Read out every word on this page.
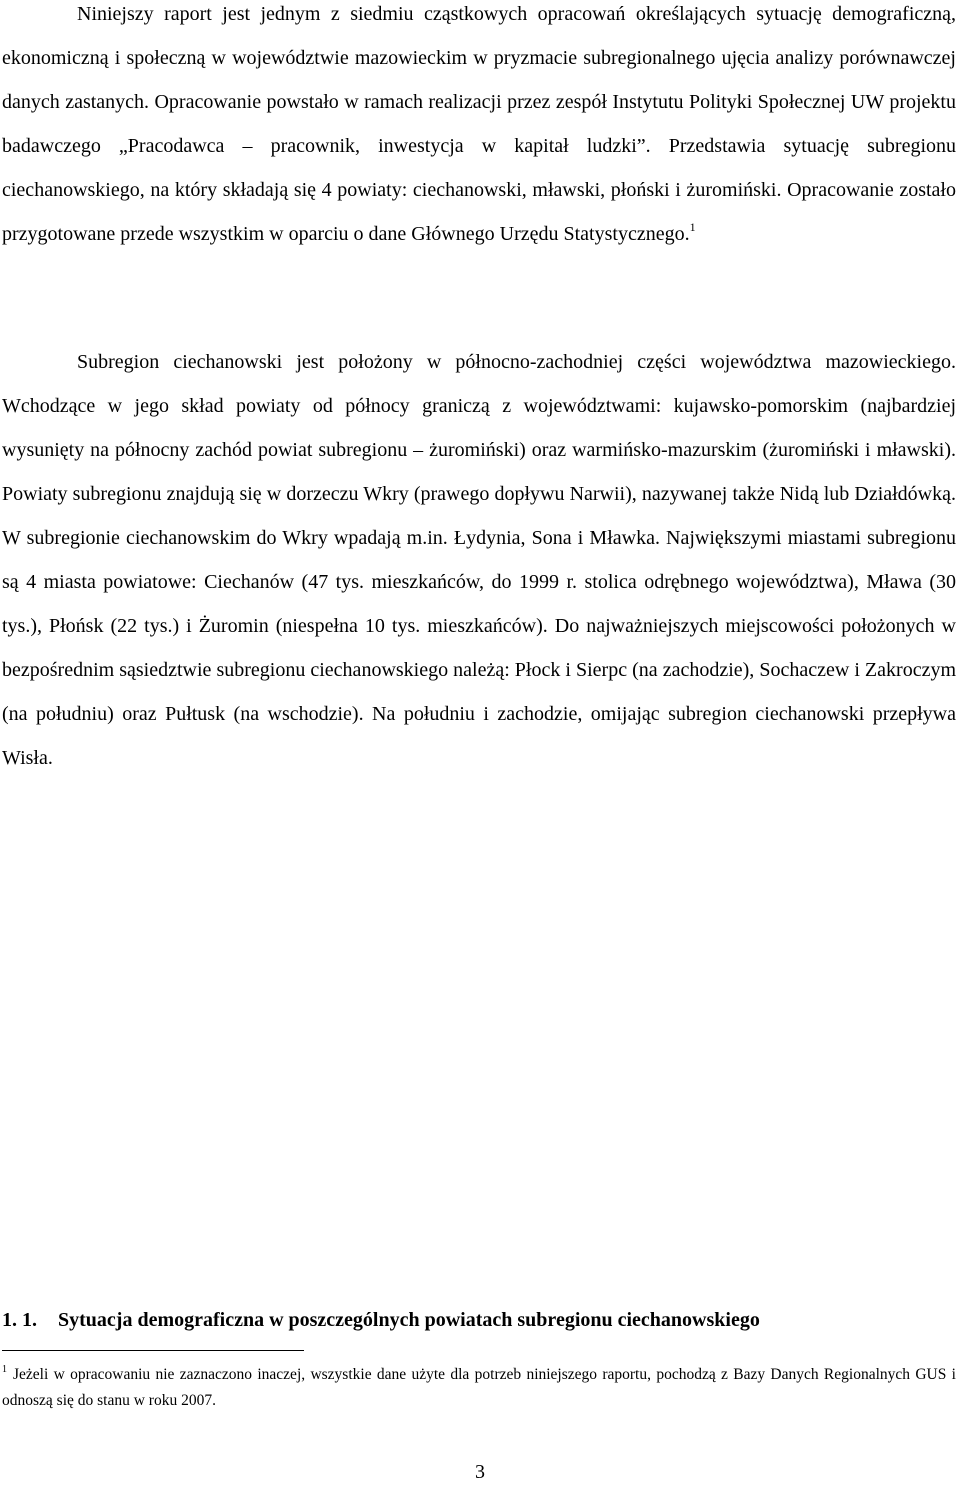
Niniejszy raport jest jednym z siedmiu cząstkowych opracowań określających sytuację demograficzną, ekonomiczną i społeczną w województwie mazowieckim w pryzmacie subregionalnego ujęcia analizy porównawczej danych zastanych. Opracowanie powstało w ramach realizacji przez zespół Instytutu Polityki Społecznej UW projektu badawczego „Pracodawca – pracownik, inwestycja w kapitał ludzki”. Przedstawia sytuację subregionu ciechanowskiego, na który składają się 4 powiaty: ciechanowski, mławski, płoński i żuromiński. Opracowanie zostało przygotowane przede wszystkim w oparciu o dane Głównego Urzędu Statystycznego.$^1$

Subregion ciechanowski jest położony w północno-zachodniej części województwa mazowieckiego. Wchodzące w jego skład powiaty od północy graniczą z województwami: kujawsko-pomorskim (najbardziej wysunięty na północny zachód powiat subregionu – żuromiński) oraz warmińsko-mazurskim (żuromiński i mławski). Powiaty subregionu znajdują się w dorzeczu Wkry (prawego dopływu Narwii), nazywanej także Nidą lub Działdówką. W subregionie ciechanowskim do Wkry wpadają m.in. Łydynia, Sona i Mławka. Największymi miastami subregionu są 4 miasta powiatowe: Ciechanów (47 tys. mieszkańców, do 1999 r. stolica odrębnego województwa), Mława (30 tys.), Płońsk (22 tys.) i Żuromin (niespełna 10 tys. mieszkańców). Do najważniejszych miejscowości położonych w bezpośrednim sąsiedztwie subregionu ciechanowskiego należą: Płock i Sierpc (na zachodzie), Sochaczew i Zakroczym (na południu) oraz Pułtusk (na wschodzie). Na południu i zachodzie, omijając subregion ciechanowski przepływa Wisła.

1. 1. Sytuacja demograficzna w poszczególnych powiatach subregionu ciechanowskiego
$^1$ Jeżeli w opracowaniu nie zaznaczono inaczej, wszystkie dane użyte dla potrzeb niniejszego raportu, pochodzą z Bazy Danych Regionalnych GUS i odnoszą się do stanu w roku 2007.
3
